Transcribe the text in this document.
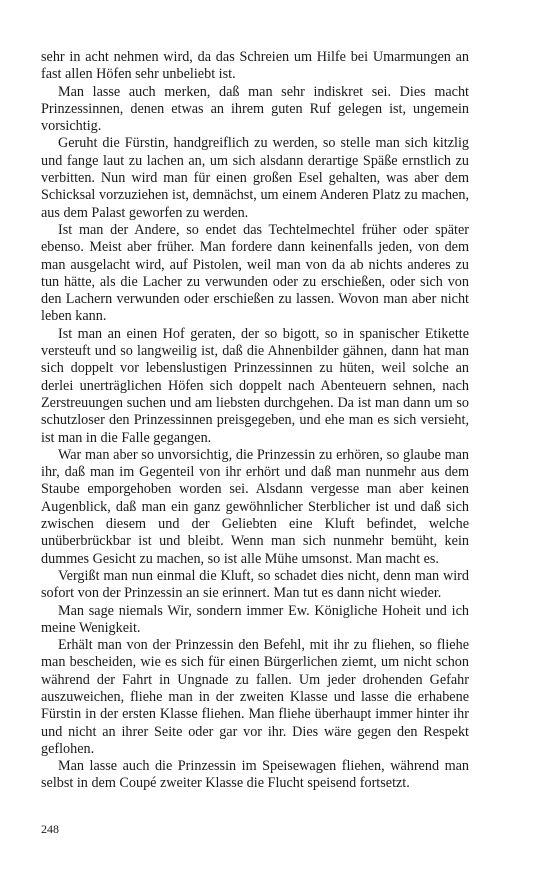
sehr in acht nehmen wird, da das Schreien um Hilfe bei Umarmungen an fast allen Höfen sehr unbeliebt ist.

Man lasse auch merken, daß man sehr indiskret sei. Dies macht Prinzessinnen, denen etwas an ihrem guten Ruf gelegen ist, ungemein vorsichtig.

Geruht die Fürstin, handgreiflich zu werden, so stelle man sich kitzlig und fange laut zu lachen an, um sich alsdann derartige Späße ernstlich zu verbitten. Nun wird man für einen großen Esel gehalten, was aber dem Schicksal vorzuziehen ist, demnächst, um einem Anderen Platz zu machen, aus dem Palast geworfen zu werden.

Ist man der Andere, so endet das Techtelmechtel früher oder später ebenso. Meist aber früher. Man fordere dann keinenfalls jeden, von dem man ausgelacht wird, auf Pistolen, weil man von da ab nichts anderes zu tun hätte, als die Lacher zu verwunden oder zu erschießen, oder sich von den Lachern verwunden oder erschießen zu lassen. Wovon man aber nicht leben kann.

Ist man an einen Hof geraten, der so bigott, so in spanischer Etikette versteuft und so langweilig ist, daß die Ahnenbilder gähnen, dann hat man sich doppelt vor lebenslustigen Prinzessinnen zu hüten, weil solche an derlei unerträglichen Höfen sich doppelt nach Abenteuern sehnen, nach Zerstreuungen suchen und am liebsten durchgehen. Da ist man dann um so schutzloser den Prinzessinnen preisgegeben, und ehe man es sich versieht, ist man in die Falle gegangen.

War man aber so unvorsichtig, die Prinzessin zu erhören, so glaube man ihr, daß man im Gegenteil von ihr erhört und daß man nunmehr aus dem Staube emporgehoben worden sei. Alsdann vergesse man aber keinen Augenblick, daß man ein ganz gewöhnlicher Sterblicher ist und daß sich zwischen diesem und der Geliebten eine Kluft befindet, welche unüberbrückbar ist und bleibt. Wenn man sich nunmehr bemüht, kein dummes Gesicht zu machen, so ist alle Mühe umsonst. Man macht es.

Vergißt man nun einmal die Kluft, so schadet dies nicht, denn man wird sofort von der Prinzessin an sie erinnert. Man tut es dann nicht wieder.

Man sage niemals Wir, sondern immer Ew. Königliche Hoheit und ich meine Wenigkeit.

Erhält man von der Prinzessin den Befehl, mit ihr zu fliehen, so fliehe man bescheiden, wie es sich für einen Bürgerlichen ziemt, um nicht schon während der Fahrt in Ungnade zu fallen. Um jeder drohenden Gefahr auszuweichen, fliehe man in der zweiten Klasse und lasse die erhabene Fürstin in der ersten Klasse fliehen. Man fliehe überhaupt immer hinter ihr und nicht an ihrer Seite oder gar vor ihr. Dies wäre gegen den Respekt geflohen.

Man lasse auch die Prinzessin im Speisewagen fliehen, während man selbst in dem Coupé zweiter Klasse die Flucht speisend fortsetzt.

248
